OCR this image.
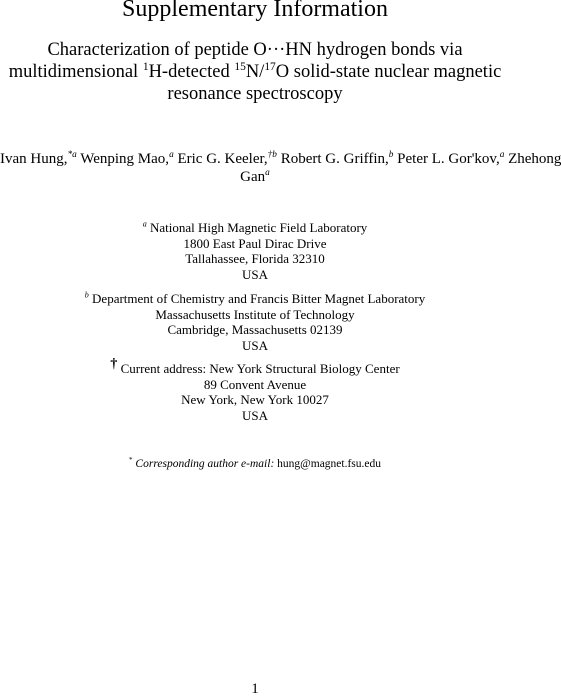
Supplementary Information
Characterization of peptide O···HN hydrogen bonds via
multidimensional $^1$H-detected $^{15}$N/$^{17}$O solid-state nuclear magnetic
resonance spectroscopy
Ivan Hung,$^{*a}$ Wenping Mao,$^a$ Eric G. Keeler,$^{\dagger b}$ Robert G. Griffin,$^b$ Peter L. Gor'kov,$^a$ Zhehong
Gan$^a$
$^a$ National High Magnetic Field Laboratory
1800 East Paul Dirac Drive
Tallahassee, Florida 32310
USA
$^b$ Department of Chemistry and Francis Bitter Magnet Laboratory
Massachusetts Institute of Technology
Cambridge, Massachusetts 02139
USA
† Current address: New York Structural Biology Center
89 Convent Avenue
New York, New York 10027
USA
* Corresponding author e-mail: hung@magnet.fsu.edu
1
